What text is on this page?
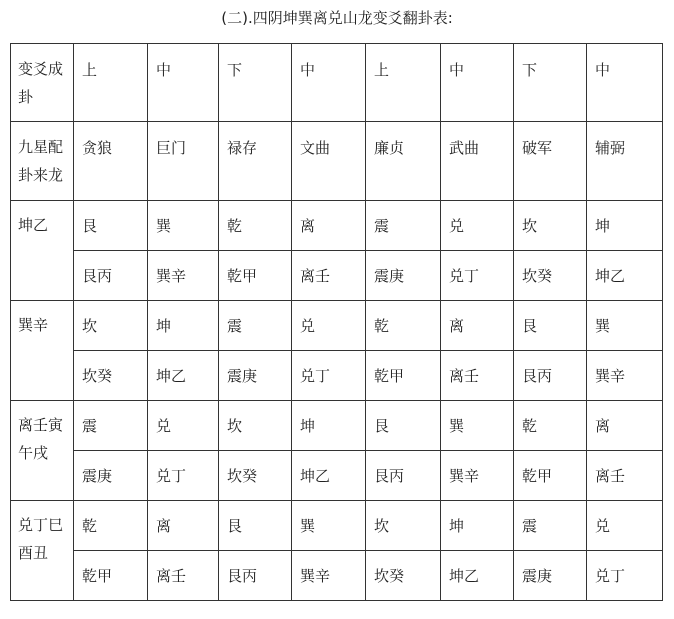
(二).四阴坤巽离兑山龙变爻翻卦表:
变爻成卦	上	中	下	中	上	中	下	中
九星配卦来龙	贪狼	巨门	禄存	文曲	廉贞	武曲	破军	辅弼
坤乙	艮	巽	乾	离	震	兑	坎	坤
	艮丙	巽辛	乾甲	离壬	震庚	兑丁	坎癸	坤乙
巽辛	坎	坤	震	兑	乾	离	艮	巽
	坎癸	坤乙	震庚	兑丁	乾甲	离壬	艮丙	巽辛
离壬寅午戌	震	兑	坎	坤	艮	巽	乾	离
	震庚	兑丁	坎癸	坤乙	艮丙	巽辛	乾甲	离壬
兑丁巳酉丑	乾	离	艮	巽	坎	坤	震	兑
	乾甲	离壬	艮丙	巽辛	坎癸	坤乙	震庚	兑丁
